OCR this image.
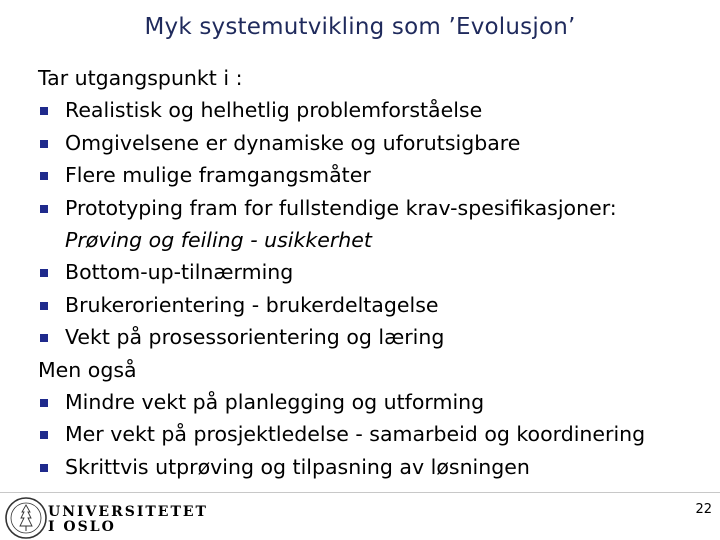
Myk systemutvikling som ’Evolusjon’
Tar utgangspunkt i :
Realistisk og helhetlig problemforståelse
Omgivelsene er dynamiske og uforutsigbare
Flere mulige framgangsmåter
Prototyping fram for fullstendige krav-spesifikasjoner:
Prøving og feiling - usikkerhet
Bottom-up-tilnærming
Brukerorientering - brukerdeltagelse
Vekt på prosessorientering og læring
Men også
Mindre vekt på planlegging og utforming
Mer vekt på prosjektledelse - samarbeid og koordinering
Skrittvis utprøving og tilpasning av løsningen
UNIVERSITETET
I OSLO
22
